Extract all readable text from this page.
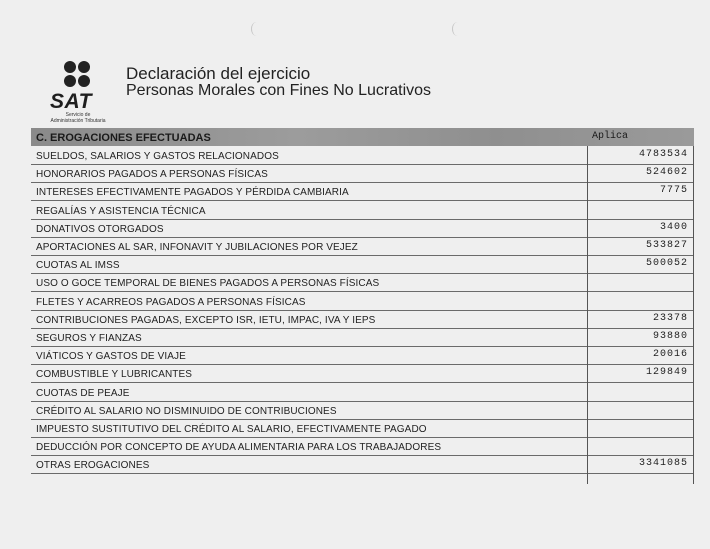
SAT
Servicio de
Administración Tributaria
Declaración del ejercicio
Personas Morales con Fines No Lucrativos
C. EROGACIONES EFECTUADAS	Aplica
SUELDOS, SALARIOS Y GASTOS RELACIONADOS	4783534
HONORARIOS PAGADOS A PERSONAS FÍSICAS	524602
INTERESES EFECTIVAMENTE PAGADOS Y PÉRDIDA CAMBIARIA	7775
REGALÍAS Y ASISTENCIA TÉCNICA
DONATIVOS OTORGADOS	3400
APORTACIONES AL SAR, INFONAVIT Y JUBILACIONES POR VEJEZ	533827
CUOTAS AL IMSS	500052
USO O GOCE TEMPORAL DE BIENES PAGADOS A PERSONAS FÍSICAS
FLETES Y ACARREOS PAGADOS A PERSONAS FÍSICAS
CONTRIBUCIONES PAGADAS, EXCEPTO ISR, IETU, IMPAC, IVA Y IEPS	23378
SEGUROS Y FIANZAS	93880
VIÁTICOS Y GASTOS DE VIAJE	20016
COMBUSTIBLE Y LUBRICANTES	129849
CUOTAS DE PEAJE
CRÉDITO AL SALARIO NO DISMINUIDO DE CONTRIBUCIONES
IMPUESTO SUSTITUTIVO DEL CRÉDITO AL SALARIO, EFECTIVAMENTE PAGADO
DEDUCCIÓN POR CONCEPTO DE AYUDA ALIMENTARIA PARA LOS TRABAJADORES
OTRAS EROGACIONES	3341085
